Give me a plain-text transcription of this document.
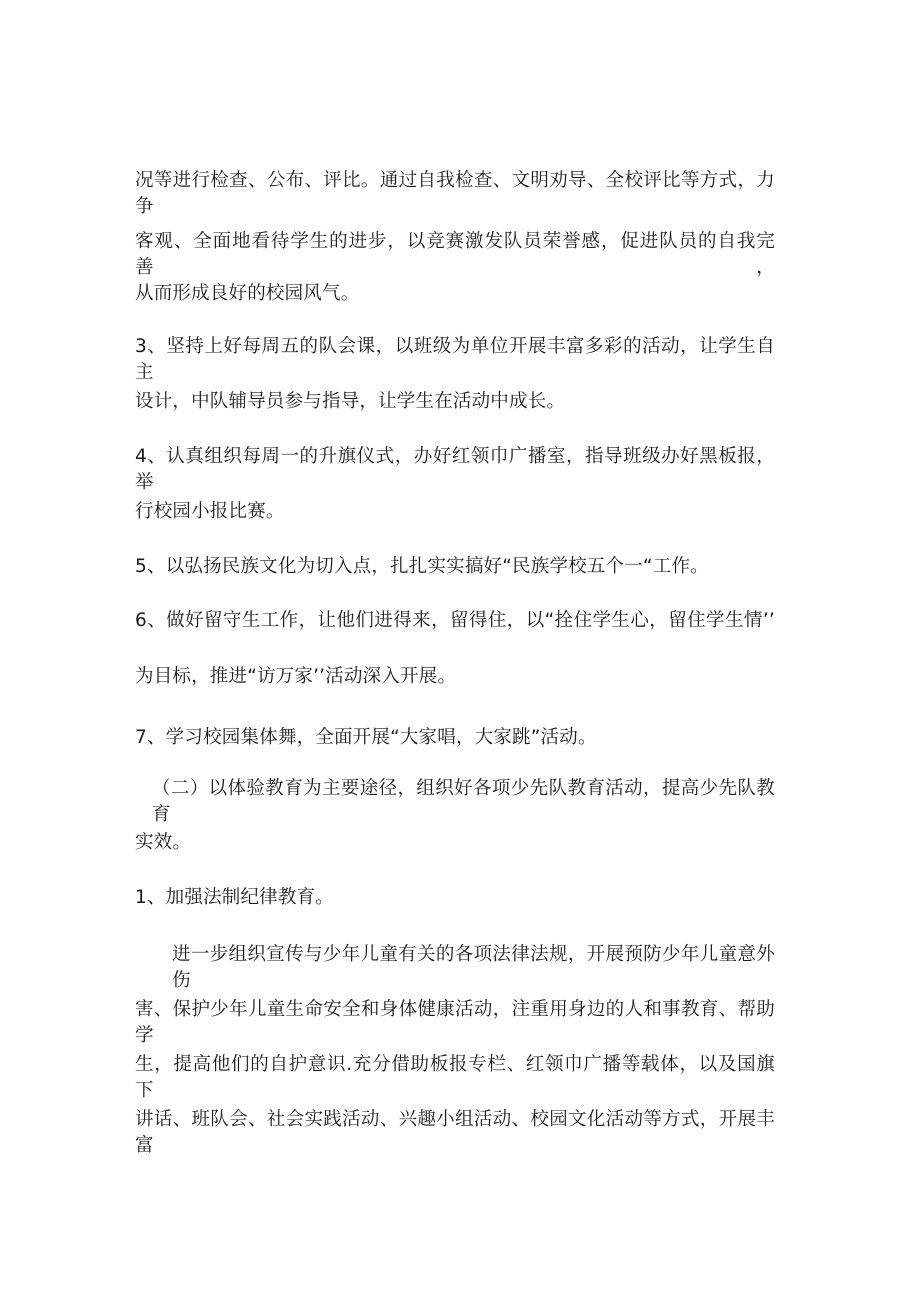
况等进行检查、公布、评比。通过自我检查、文明劝导、全校评比等方式，力争
客观、全面地看待学生的进步，以竞赛激发队员荣誉感，促进队员的自我完善，
从而形成良好的校园风气。
3、坚持上好每周五的队会课，以班级为单位开展丰富多彩的活动，让学生自主
设计，中队辅导员参与指导，让学生在活动中成长。
4、认真组织每周一的升旗仪式，办好红领巾广播室，指导班级办好黑板报，举
行校园小报比赛。
5、以弘扬民族文化为切入点，扎扎实实搞好“民族学校五个一“工作。
6、做好留守生工作，让他们进得来，留得住，以“拴住学生心，留住学生情’’
为目标，推进“访万家’’活动深入开展。
7、学习校园集体舞，全面开展“大家唱，大家跳”活动。
（二）以体验教育为主要途径，组织好各项少先队教育活动，提高少先队教育
实效。
1、加强法制纪律教育。
进一步组织宣传与少年儿童有关的各项法律法规，开展预防少年儿童意外伤
害、保护少年儿童生命安全和身体健康活动，注重用身边的人和事教育、帮助学
生，提高他们的自护意识.充分借助板报专栏、红领巾广播等载体，以及国旗下
讲话、班队会、社会实践活动、兴趣小组活动、校园文化活动等方式，开展丰富
